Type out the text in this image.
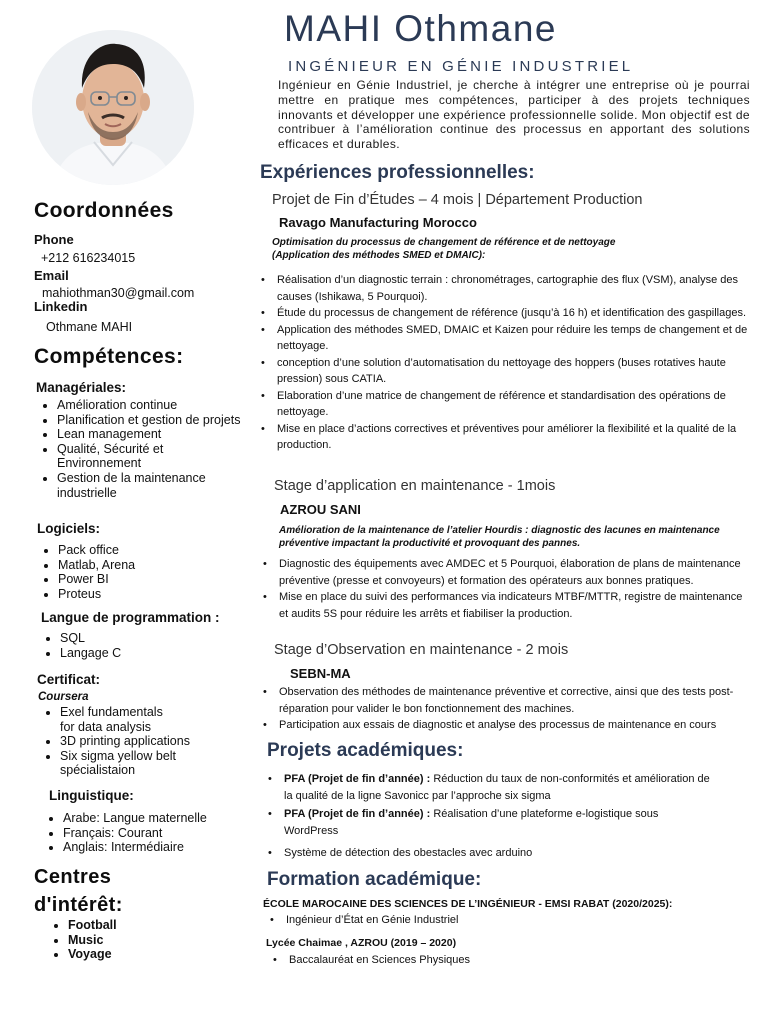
Coordonnées
Phone
+212 616234015
Email
mahiothman30@gmail.com
Linkedin
Othmane MAHI
Compétences:
Managériales:
• Amélioration continue
• Planification et gestion de projets
• Lean management
• Qualité, Sécurité et Environnement
• Gestion de la maintenance industrielle
Logiciels:
• Pack office
• Matlab, Arena
• Power BI
• Proteus
Langue de programmation :
• SQL
• Langage C
Certificat:
Coursera
• Exel fundamentals for data analysis
• 3D printing applications
• Six sigma yellow belt spécialistaion
Linguistique:
• Arabe: Langue maternelle
• Français: Courant
• Anglais: Intermédiaire
Centres
d'intérêt:
• Football
• Music
• Voyage
MAHI Othmane
INGÉNIEUR EN GÉNIE INDUSTRIEL
Ingénieur en Génie Industriel, je cherche à intégrer une entreprise où je pourrai mettre en pratique mes compétences, participer à des projets techniques innovants et développer une expérience professionnelle solide. Mon objectif est de contribuer à l’amélioration continue des processus en apportant des solutions efficaces et durables.
Expériences professionnelles:
Projet de Fin d’Études – 4 mois | Département Production
Ravago Manufacturing Morocco
Optimisation du processus de changement de référence et de nettoyage (Application des méthodes SMED et DMAIC):
• Réalisation d’un diagnostic terrain : chronométrages, cartographie des flux (VSM), analyse des causes (Ishikawa, 5 Pourquoi).
• Étude du processus de changement de référence (jusqu’à 16 h) et identification des gaspillages.
• Application des méthodes SMED, DMAIC et Kaizen pour réduire les temps de changement et de nettoyage.
• conception d’une solution d’automatisation du nettoyage des hoppers (buses rotatives haute pression) sous CATIA.
• Elaboration d’une matrice de changement de référence et standardisation des opérations de nettoyage.
• Mise en place d’actions correctives et préventives pour améliorer la flexibilité et la qualité de la production.
Stage d’application en maintenance - 1mois
AZROU SANI
Amélioration de la maintenance de l’atelier Hourdis : diagnostic des lacunes en maintenance préventive impactant la productivité et provoquant des pannes.
• Diagnostic des équipements avec AMDEC et 5 Pourquoi, élaboration de plans de maintenance préventive (presse et convoyeurs) et formation des opérateurs aux bonnes pratiques.
• Mise en place du suivi des performances via indicateurs MTBF/MTTR, registre de maintenance et audits 5S pour réduire les arrêts et fiabiliser la production.
Stage d’Observation en maintenance - 2 mois
SEBN-MA
• Observation des méthodes de maintenance préventive et corrective, ainsi que des tests post-réparation pour valider le bon fonctionnement des machines.
• Participation aux essais de diagnostic et analyse des processus de maintenance en cours
Projets académiques:
• PFA (Projet de fin d’année) : Réduction du taux de non-conformités et amélioration de la qualité de la ligne Savonicc par l’approche six sigma
• PFA (Projet de fin d’année) : Réalisation d’une plateforme e-logistique sous WordPress
• Système de détection des obestacles avec arduino
Formation académique:
ÉCOLE MAROCAINE DES SCIENCES DE L’INGÉNIEUR - EMSI RABAT (2020/2025):
• Ingénieur d’État en Génie Industriel
Lycée Chaimae , AZROU (2019 – 2020)
• Baccalauréat en Sciences Physiques
